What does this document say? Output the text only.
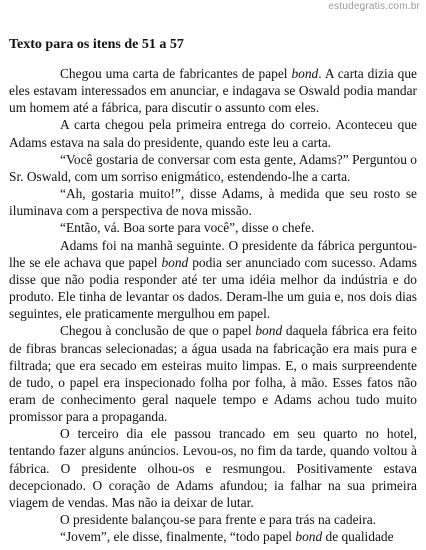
estudegratis.com.br
Texto para os itens de 51 a 57

Chegou uma carta de fabricantes de papel bond. A carta dizia que eles estavam interessados em anunciar, e indagava se Oswald podia mandar um homem até a fábrica, para discutir o assunto com eles.

A carta chegou pela primeira entrega do correio. Aconteceu que Adams estava na sala do presidente, quando este leu a carta.

“Você gostaria de conversar com esta gente, Adams?” Perguntou o Sr. Oswald, com um sorriso enigmático, estendendo-lhe a carta.

“Ah, gostaria muito!”, disse Adams, à medida que seu rosto se iluminava com a perspectiva de nova missão.

“Então, vá. Boa sorte para você”, disse o chefe.

Adams foi na manhã seguinte. O presidente da fábrica perguntou-lhe se ele achava que papel bond podia ser anunciado com sucesso. Adams disse que não podia responder até ter uma idéia melhor da indústria e do produto. Ele tinha de levantar os dados. Deram-lhe um guia e, nos dois dias seguintes, ele praticamente mergulhou em papel.

Chegou à conclusão de que o papel bond daquela fábrica era feito de fibras brancas selecionadas; a água usada na fabricação era mais pura e filtrada; que era secado em esteiras muito limpas. E, o mais surpreendente de tudo, o papel era inspecionado folha por folha, à mão. Esses fatos não eram de conhecimento geral naquele tempo e Adams achou tudo muito promissor para a propaganda.

O terceiro dia ele passou trancado em seu quarto no hotel, tentando fazer alguns anúncios. Levou-os, no fim da tarde, quando voltou à fábrica. O presidente olhou-os e resmungou. Positivamente estava decepcionado. O coração de Adams afundou; ia falhar na sua primeira viagem de vendas. Mas não ia deixar de lutar.

O presidente balançou-se para frente e para trás na cadeira.

“Jovem”, ele disse, finalmente, “todo papel bond de qualidade
